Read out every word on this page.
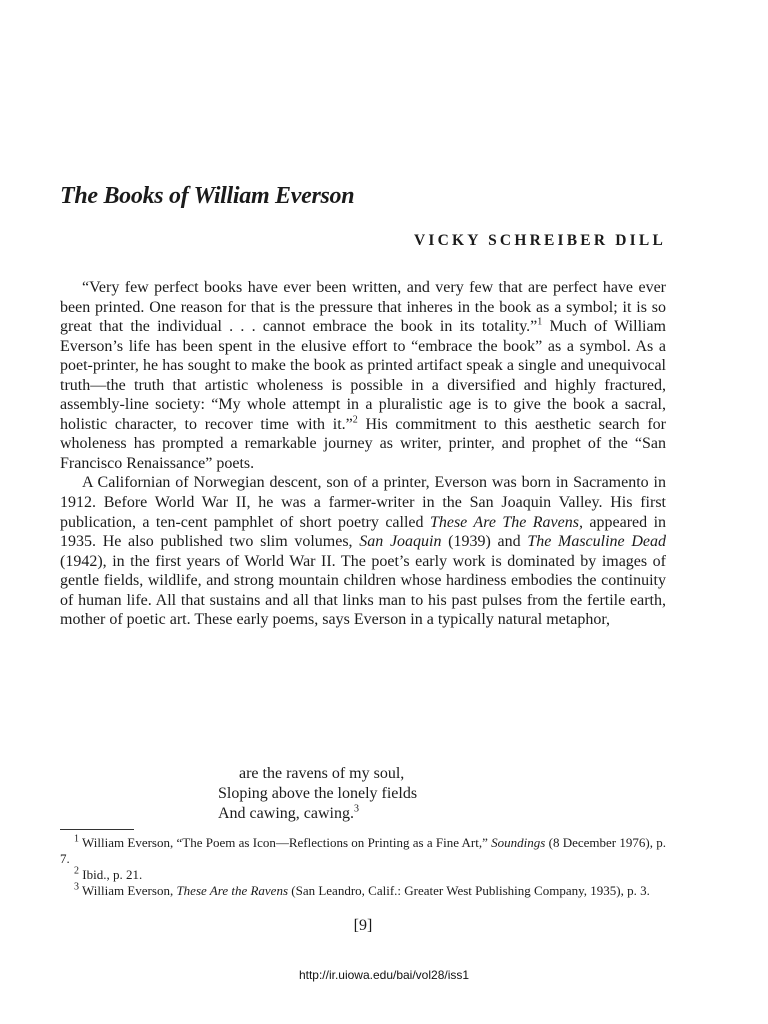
The Books of William Everson
VICKY SCHREIBER DILL

“Very few perfect books have ever been written, and very few that are perfect have ever been printed. One reason for that is the pressure that inheres in the book as a symbol; it is so great that the individual . . . cannot embrace the book in its totality.”$^1$ Much of William Everson’s life has been spent in the elusive effort to “embrace the book” as a symbol. As a poet-printer, he has sought to make the book as printed artifact speak a single and unequivocal truth—the truth that artistic wholeness is possible in a diversified and highly fractured, assembly-line society: “My whole attempt in a pluralistic age is to give the book a sacral, holistic character, to recover time with it.”$^2$ His commitment to this aesthetic search for wholeness has prompted a remarkable journey as writer, printer, and prophet of the “San Francisco Renaissance” poets.

A Californian of Norwegian descent, son of a printer, Everson was born in Sacramento in 1912. Before World War II, he was a farmer-writer in the San Joaquin Valley. His first publication, a ten-cent pamphlet of short poetry called These Are The Ravens, appeared in 1935. He also published two slim volumes, San Joaquin (1939) and The Masculine Dead (1942), in the first years of World War II. The poet’s early work is dominated by images of gentle fields, wildlife, and strong mountain children whose hardiness embodies the continuity of human life. All that sustains and all that links man to his past pulses from the fertile earth, mother of poetic art. These early poems, says Everson in a typically natural metaphor,

are the ravens of my soul,
Sloping above the lonely fields
And cawing, cawing.$^3$

$^1$ William Everson, “The Poem as Icon—Reflections on Printing as a Fine Art,” Soundings (8 December 1976), p. 7.

$^2$ Ibid., p. 21.

$^3$ William Everson, These Are the Ravens (San Leandro, Calif.: Greater West Publishing Company, 1935), p. 3.

[9]
http://ir.uiowa.edu/bai/vol28/iss1
